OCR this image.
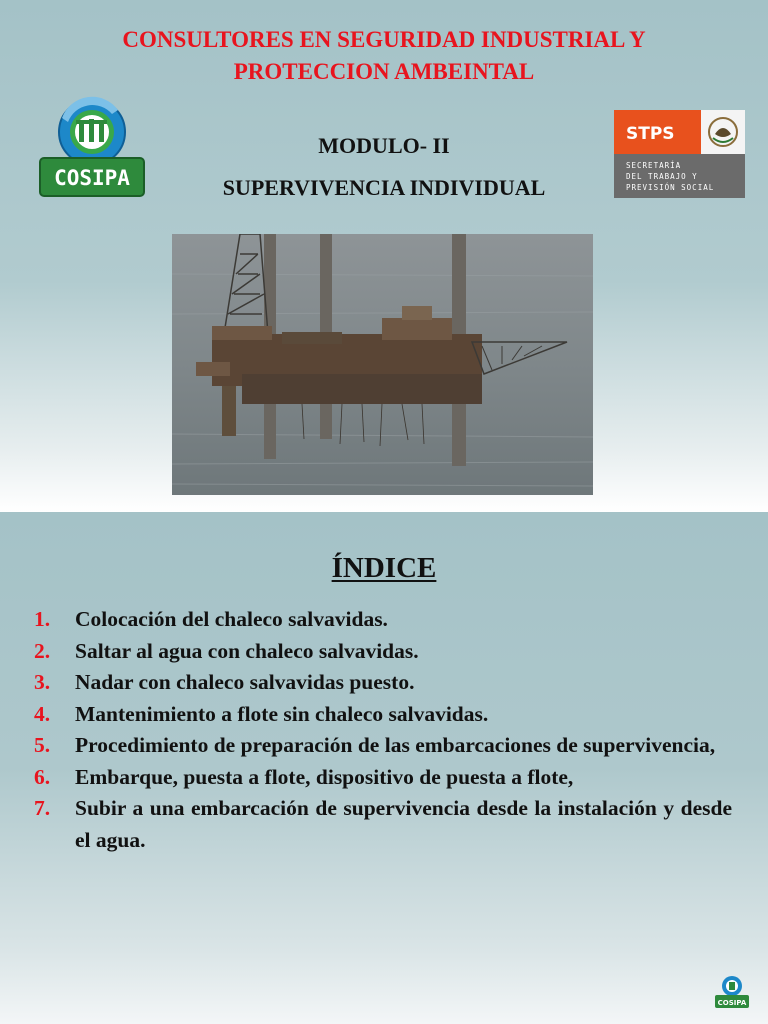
CONSULTORES EN SEGURIDAD INDUSTRIAL Y
PROTECCION AMBEINTAL
COSIPA
MODULO- II
SUPERVIVENCIA INDIVIDUAL
STPS
SECRETARÍA
DEL TRABAJO Y
PREVISIÓN SOCIAL
ÍNDICE
1. Colocación del chaleco salvavidas.
2. Saltar al agua con chaleco salvavidas.
3. Nadar con chaleco salvavidas puesto.
4. Mantenimiento a flote sin chaleco salvavidas.
5. Procedimiento de preparación de las embarcaciones de supervivencia,
6. Embarque, puesta a flote, dispositivo de puesta a flote,
7. Subir a una embarcación de supervivencia desde la instalación y desde el agua.
COSIPA
